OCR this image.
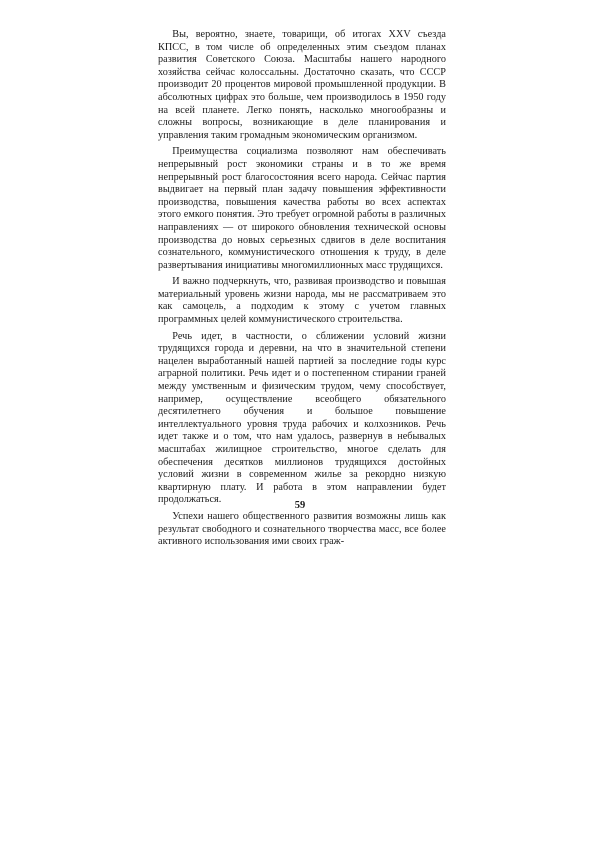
Вы, вероятно, знаете, товарищи, об итогах XXV съезда КПСС, в том числе об определенных этим съездом планах развития Советского Союза. Масштабы нашего народного хозяйства сейчас колоссальны. Достаточно сказать, что СССР производит 20 процентов мировой промышленной продукции. В абсолютных цифрах это больше, чем производилось в 1950 году на всей планете. Легко понять, насколько многообразны и сложны вопросы, возникающие в деле планирования и управления таким громадным экономическим организмом.

Преимущества социализма позволяют нам обеспечивать непрерывный рост экономики страны и в то же время непрерывный рост благосостояния всего народа. Сейчас партия выдвигает на первый план задачу повышения эффективности производства, повышения качества работы во всех аспектах этого емкого понятия. Это требует огромной работы в различных направлениях — от широкого обновления технической основы производства до новых серьезных сдвигов в деле воспитания сознательного, коммунистического отношения к труду, в деле развертывания инициативы многомиллионных масс трудящихся.

И важно подчеркнуть, что, развивая производство и повышая материальный уровень жизни народа, мы не рассматриваем это как самоцель, а подходим к этому с учетом главных программных целей коммунистического строительства.

Речь идет, в частности, о сближении условий жизни трудящихся города и деревни, на что в значительной степени нацелен выработанный нашей партией за последние годы курс аграрной политики. Речь идет и о постепенном стирании граней между умственным и физическим трудом, чему способствует, например, осуществление всеобщего обязательного десятилетнего обучения и большое повышение интеллектуального уровня труда рабочих и колхозников. Речь идет также и о том, что нам удалось, развернув в небывалых масштабах жилищное строительство, многое сделать для обеспечения десятков миллионов трудящихся достойных условий жизни в современном жилье за рекордно низкую квартирную плату. И работа в этом направлении будет продолжаться.

Успехи нашего общественного развития возможны лишь как результат свободного и сознательного творчества масс, все более активного использования ими своих граж-

59
